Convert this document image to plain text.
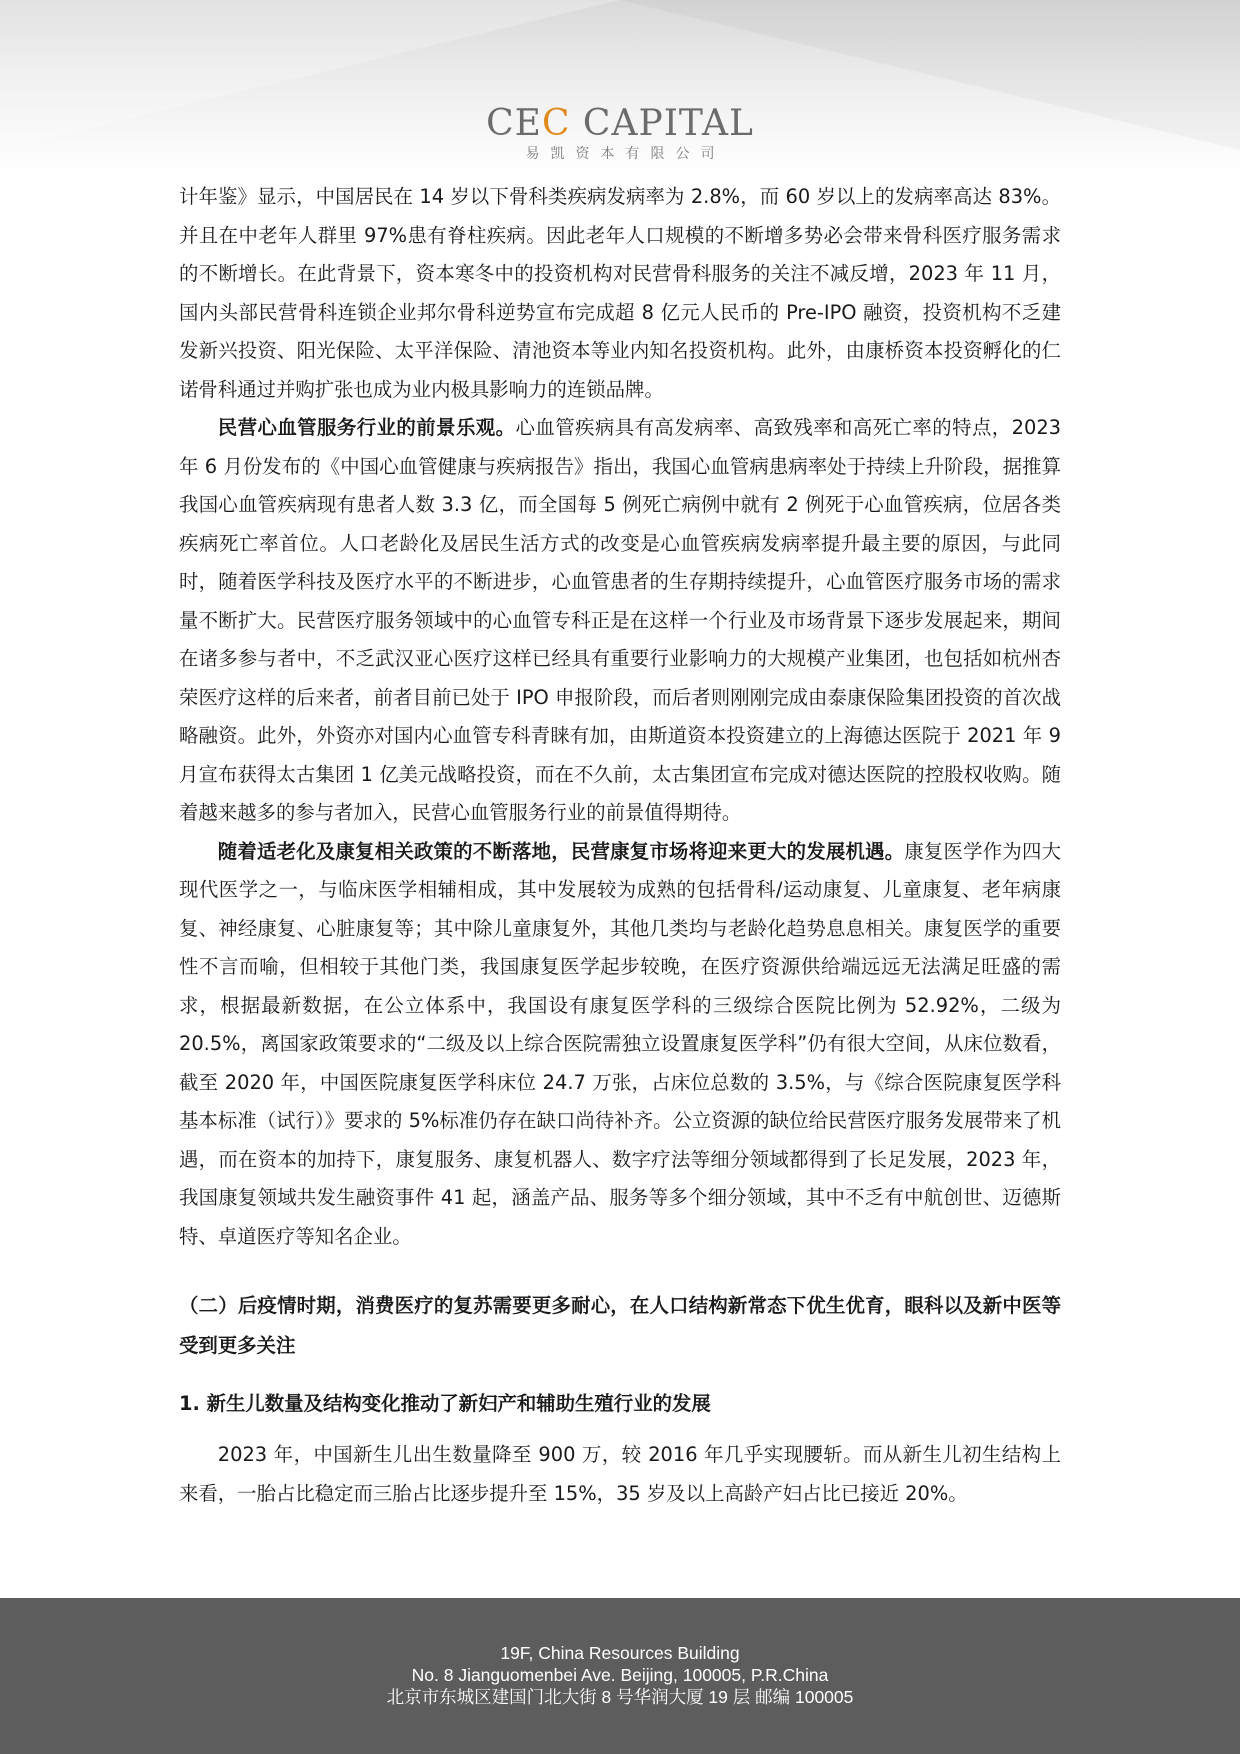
CEC CAPITAL
易凯资本有限公司

计年鉴》显示，中国居民在 14 岁以下骨科类疾病发病率为 2.8%，而 60 岁以上的发病率高达 83%。并且在中老年人群里 97%患有脊柱疾病。因此老年人口规模的不断增多势必会带来骨科医疗服务需求的不断增长。在此背景下，资本寒冬中的投资机构对民营骨科服务的关注不减反增，2023 年 11 月，国内头部民营骨科连锁企业邦尔骨科逆势宣布完成超 8 亿元人民币的 Pre-IPO 融资，投资机构不乏建发新兴投资、阳光保险、太平洋保险、清池资本等业内知名投资机构。此外，由康桥资本投资孵化的仁诺骨科通过并购扩张也成为业内极具影响力的连锁品牌。

民营心血管服务行业的前景乐观。心血管疾病具有高发病率、高致残率和高死亡率的特点，2023 年 6 月份发布的《中国心血管健康与疾病报告》指出，我国心血管病患病率处于持续上升阶段，据推算我国心血管疾病现有患者人数 3.3 亿，而全国每 5 例死亡病例中就有 2 例死于心血管疾病，位居各类疾病死亡率首位。人口老龄化及居民生活方式的改变是心血管疾病发病率提升最主要的原因，与此同时，随着医学科技及医疗水平的不断进步，心血管患者的生存期持续提升，心血管医疗服务市场的需求量不断扩大。民营医疗服务领域中的心血管专科正是在这样一个行业及市场背景下逐步发展起来，期间在诸多参与者中，不乏武汉亚心医疗这样已经具有重要行业影响力的大规模产业集团，也包括如杭州杏荣医疗这样的后来者，前者目前已处于 IPO 申报阶段，而后者则刚刚完成由泰康保险集团投资的首次战略融资。此外，外资亦对国内心血管专科青睐有加，由斯道资本投资建立的上海德达医院于 2021 年 9 月宣布获得太古集团 1 亿美元战略投资，而在不久前，太古集团宣布完成对德达医院的控股权收购。随着越来越多的参与者加入，民营心血管服务行业的前景值得期待。

随着适老化及康复相关政策的不断落地，民营康复市场将迎来更大的发展机遇。康复医学作为四大现代医学之一，与临床医学相辅相成，其中发展较为成熟的包括骨科/运动康复、儿童康复、老年病康复、神经康复、心脏康复等；其中除儿童康复外，其他几类均与老龄化趋势息息相关。康复医学的重要性不言而喻，但相较于其他门类，我国康复医学起步较晚，在医疗资源供给端远远无法满足旺盛的需求，根据最新数据，在公立体系中，我国设有康复医学科的三级综合医院比例为 52.92%，二级为 20.5%，离国家政策要求的“二级及以上综合医院需独立设置康复医学科”仍有很大空间，从床位数看，截至 2020 年，中国医院康复医学科床位 24.7 万张，占床位总数的 3.5%，与《综合医院康复医学科基本标准（试行）》要求的 5%标准仍存在缺口尚待补齐。公立资源的缺位给民营医疗服务发展带来了机遇，而在资本的加持下，康复服务、康复机器人、数字疗法等细分领域都得到了长足发展，2023 年，我国康复领域共发生融资事件 41 起，涵盖产品、服务等多个细分领域，其中不乏有中航创世、迈德斯特、卓道医疗等知名企业。

（二）后疫情时期，消费医疗的复苏需要更多耐心，在人口结构新常态下优生优育，眼科以及新中医等受到更多关注
1. 新生儿数量及结构变化推动了新妇产和辅助生殖行业的发展

2023 年，中国新生儿出生数量降至 900 万，较 2016 年几乎实现腰斩。而从新生儿初生结构上来看，一胎占比稳定而三胎占比逐步提升至 15%，35 岁及以上高龄产妇占比已接近 20%。

19F, China Resources Building
No. 8 Jianguomenbei Ave. Beijing, 100005, P.R.China
北京市东城区建国门北大街 8 号华润大厦 19 层 邮编 100005
